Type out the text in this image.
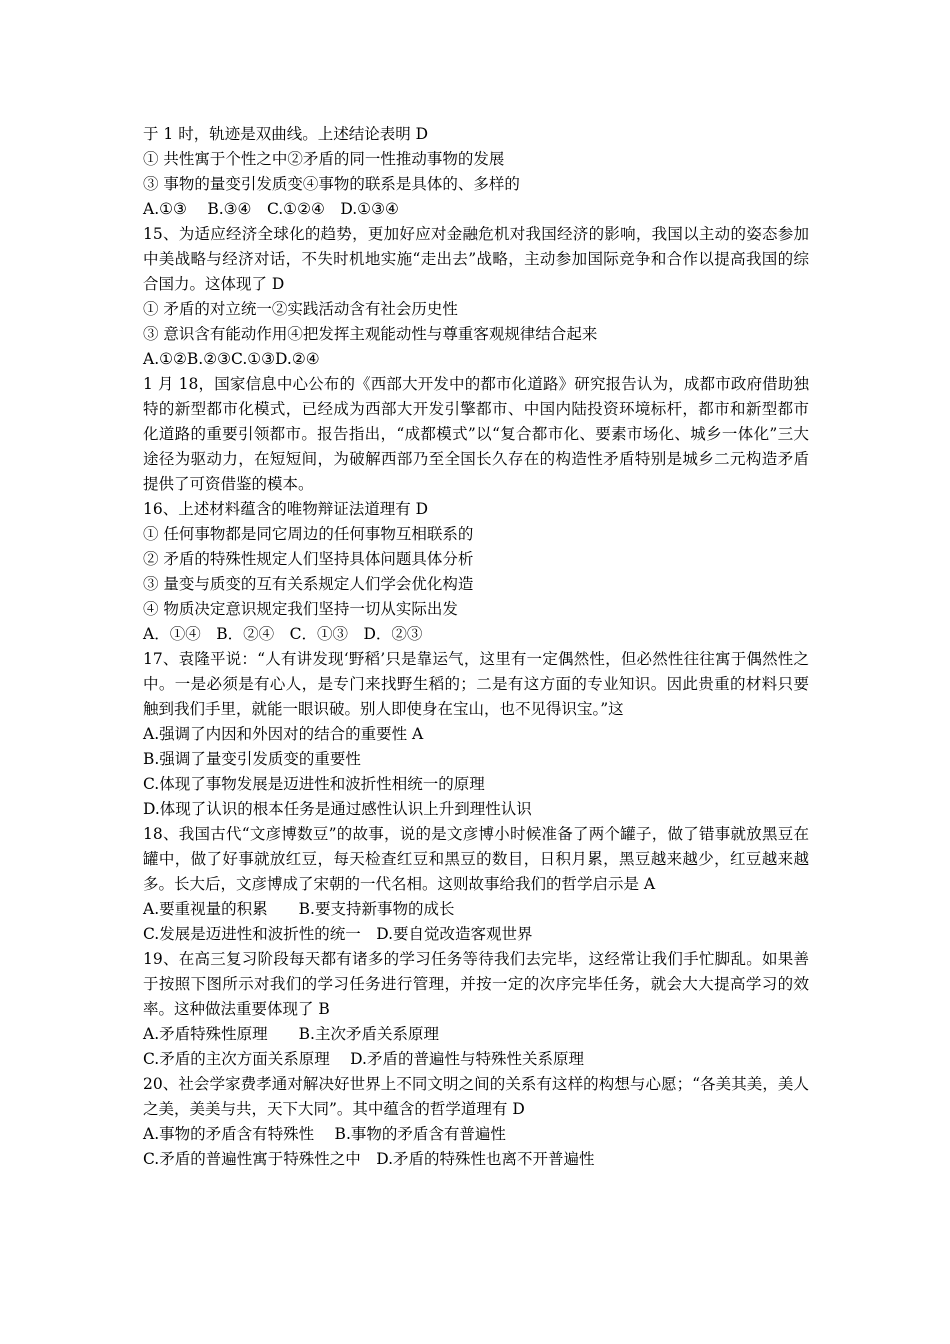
于 1 时，轨迹是双曲线。上述结论表明 D
① 共性寓于个性之中②矛盾的同一性推动事物的发展
③ 事物的量变引发质变④事物的联系是具体的、多样的
A.①③　 B.③④　C.①②④　D.①③④
15、为适应经济全球化的趋势，更加好应对金融危机对我国经济的影响，我国以主动的姿态参加中美战略与经济对话，不失时机地实施“走出去”战略，主动参加国际竞争和合作以提高我国的综合国力。这体现了 D
① 矛盾的对立统一②实践活动含有社会历史性
③ 意识含有能动作用④把发挥主观能动性与尊重客观规律结合起来
A.①②B.②③C.①③D.②④
1 月 18，国家信息中心公布的《西部大开发中的都市化道路》研究报告认为，成都市政府借助独特的新型都市化模式，已经成为西部大开发引擎都市、中国内陆投资环境标杆，都市和新型都市化道路的重要引领都市。报告指出，“成都模式”以“复合都市化、要素市场化、城乡一体化”三大途径为驱动力，在短短间，为破解西部乃至全国长久存在的构造性矛盾特别是城乡二元构造矛盾提供了可资借鉴的模本。
16、上述材料蕴含的唯物辩证法道理有 D
① 任何事物都是同它周边的任何事物互相联系的
② 矛盾的特殊性规定人们坚持具体问题具体分析
③ 量变与质变的互有关系规定人们学会优化构造
④ 物质决定意识规定我们坚持一切从实际出发
A．①④　B．②④　C．①③　D．②③
17、袁隆平说：“人有讲发现‘野稻’只是靠运气，这里有一定偶然性，但必然性往往寓于偶然性之中。一是必须是有心人，是专门来找野生稻的；二是有这方面的专业知识。因此贵重的材料只要触到我们手里，就能一眼识破。别人即使身在宝山，也不见得识宝。”这
A.强调了内因和外因对的结合的重要性 A
B.强调了量变引发质变的重要性
C.体现了事物发展是迈进性和波折性相统一的原理
D.体现了认识的根本任务是通过感性认识上升到理性认识
18、我国古代“文彦博数豆”的故事，说的是文彦博小时候准备了两个罐子，做了错事就放黑豆在罐中，做了好事就放红豆，每天检查红豆和黑豆的数目，日积月累，黑豆越来越少，红豆越来越多。长大后，文彦博成了宋朝的一代名相。这则故事给我们的哲学启示是 A
A.要重视量的积累　　B.要支持新事物的成长
C.发展是迈进性和波折性的统一　D.要自觉改造客观世界
19、在高三复习阶段每天都有诸多的学习任务等待我们去完毕，这经常让我们手忙脚乱。如果善于按照下图所示对我们的学习任务进行管理，并按一定的次序完毕任务，就会大大提高学习的效率。这种做法重要体现了 B
A.矛盾特殊性原理　　B.主次矛盾关系原理
C.矛盾的主次方面关系原理　 D.矛盾的普遍性与特殊性关系原理
20、社会学家费孝通对解决好世界上不同文明之间的关系有这样的构想与心愿；“各美其美，美人之美，美美与共，天下大同”。其中蕴含的哲学道理有 D
A.事物的矛盾含有特殊性　 B.事物的矛盾含有普遍性
C.矛盾的普遍性寓于特殊性之中　D.矛盾的特殊性也离不开普遍性
